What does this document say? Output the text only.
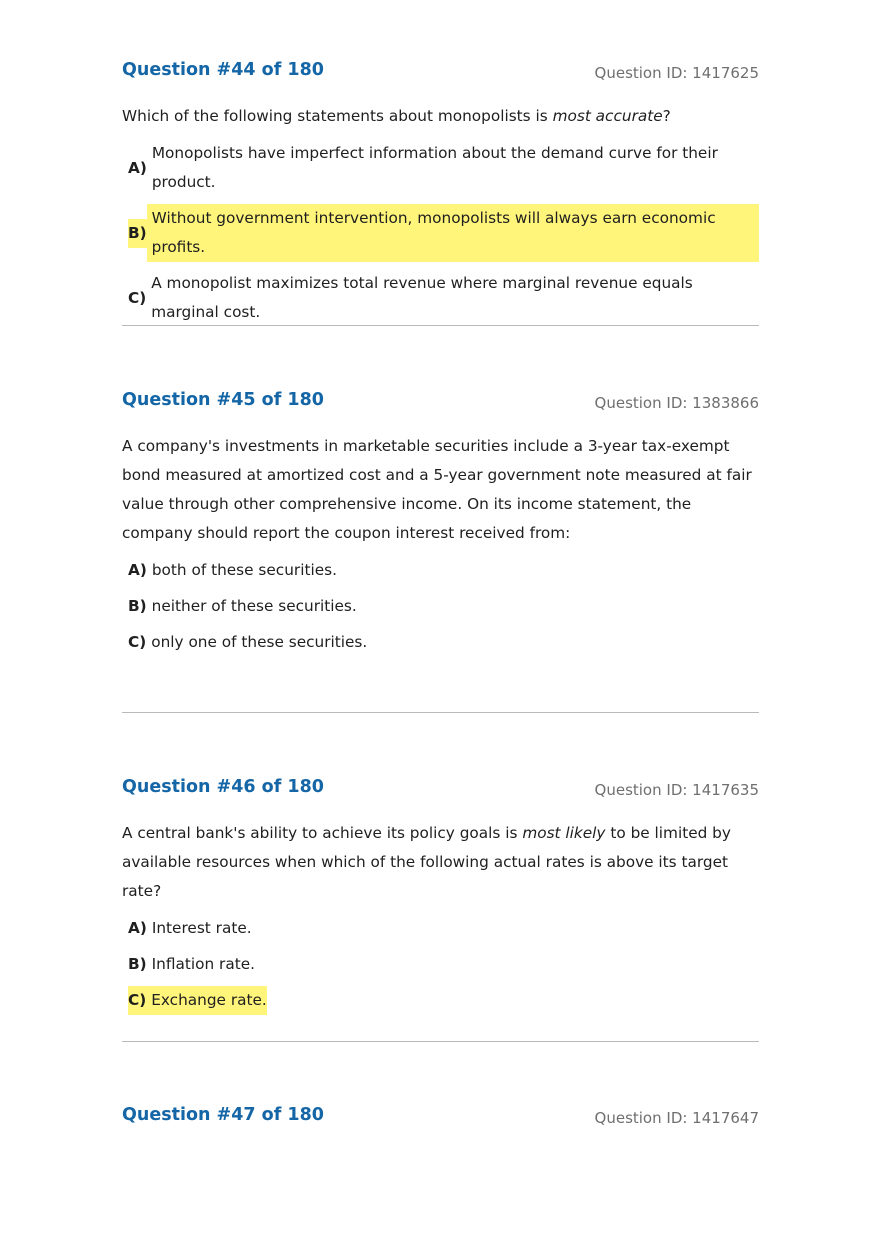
Question #44 of 180	Question ID: 1417625
Which of the following statements about monopolists is most accurate?
A)
Monopolists have imperfect information about the demand curve for their product.
B)
Without government intervention, monopolists will always earn economic profits.
C)
A monopolist maximizes total revenue where marginal revenue equals marginal cost.
Question #45 of 180	Question ID: 1383866
A company's investments in marketable securities include a 3-year tax-exempt bond measured at amortized cost and a 5-year government note measured at fair value through other comprehensive income. On its income statement, the company should report the coupon interest received from:
A) both of these securities.
B) neither of these securities.
C) only one of these securities.
Question #46 of 180	Question ID: 1417635
A central bank's ability to achieve its policy goals is most likely to be limited by available resources when which of the following actual rates is above its target rate?
A) Interest rate.
B) Inflation rate.
C) Exchange rate.
Question #47 of 180	Question ID: 1417647
